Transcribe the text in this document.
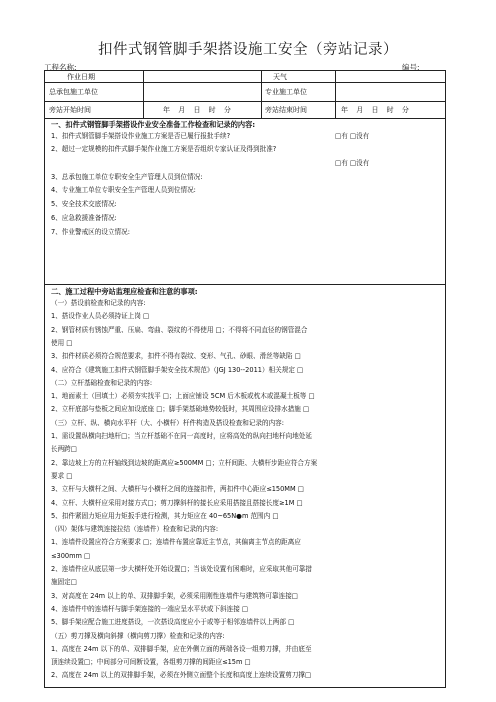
扣件式钢管脚手架搭设施工安全（旁站记录）
工程名称:	编号:
作业日期	天气
总承包施工单位	专业施工单位
旁站开始时间	年 月 日 时 分	旁站结束时间	年 月 日 时 分
一、扣件式钢管脚手架搭设作业安全准备工作检查和记录的内容:
1、扣件式钢管脚手架搭设作业施工方案是否已履行报批手续?	□有 □没有
2、超过一定规模的扣件式脚手架作业施工方案是否组织专家认证及得到批准?
□有 □没有
3、总承包施工单位专职安全生产管理人员到位情况:
4、专业施工单位专职安全生产管理人员到位情况:
5、安全技术交底情况:
6、应急救援准备情况:
7、作业警戒区的设立情况:
二、施工过程中旁站监理应检查和注意的事项:
（一）搭设前检查和记录的内容:
1、搭设作业人员必须持证上岗 □
2、钢管材质有锈蚀严重、压扁、弯曲、裂纹的不得使用 □；不得将不同直径的钢管混合
使用 □
3、扣件材质必须符合规范要求，扣件不得有裂纹、变形、气孔、砂眼、滑丝等缺陷 □
4、应符合《建筑施工扣件式钢管脚手架安全技术规范》（JGJ 130--2011）相关规定 □
（二）立杆基础检查和记录的内容:
1、地面素土（回填土）必须夯实找平 □；上面应铺设 5CM 后木板或枕木或混凝土板等 □
2、立杆底部与垫板之间应加设底座 □；脚手架基础地势较低时，其周围应设排水措施 □
（三）立杆、纵、横向水平杆（大、小横杆）杆件构造及搭设检查和记录的内容:
1、需设置纵横向扫地杆□；当立杆基础不在同一高度时，应将高处的纵向扫地杆向地处延
长两跨□
2、靠边坡上方的立杆轴线到边坡的距离应≥500MM □；立杆间距、大横杆步距应符合方案
要求 □
3、立杆与大横杆之间、大横杆与小横杆之间的连接扣件，两扣件中心距应≤150MM □
4、立杆、大横杆应采用对接方式□；剪刀撑斜杆的接长应采用搭接且搭接长度≥1M □
5、扣件紧固力矩应用力矩扳手进行检测，其力矩应在 40~65N●m 范围内 □
（四）架体与建筑连接拉结（连墙件）检查和记录的内容:
1、连墙件设置应符合方案要求 □；连墙件布置应靠近主节点，其偏离主节点的距离应
≤300mm □
2、连墙件应从底层第一步大横杆处开始设置□；当该处设置有困难时，应采取其他可靠措
施固定□
3、对高度在 24m 以上的单、双排脚手架，必须采用刚性连墙件与建筑物可靠连接□
4、连墙件中的连墙杆与脚手架连接的一端应呈水平状或下斜连接 □
5、脚手架应配合施工进度搭设，一次搭设高度应小于或等于相邻连墙件以上两部 □
（五）剪刀撑及横向斜撑（横向剪刀撑）检查和记录的内容:
1、高度在 24m 以下的单、双排脚手架，应在外侧立面的两端各设一组剪刀撑，并由底至
顶连续设置□；中间部分可间断设置，各组剪刀撑的间距应≤15m □
2、高度在 24m 以上的双排脚手架，必须在外侧立面整个长度和高度上连续设置剪刀撑□
